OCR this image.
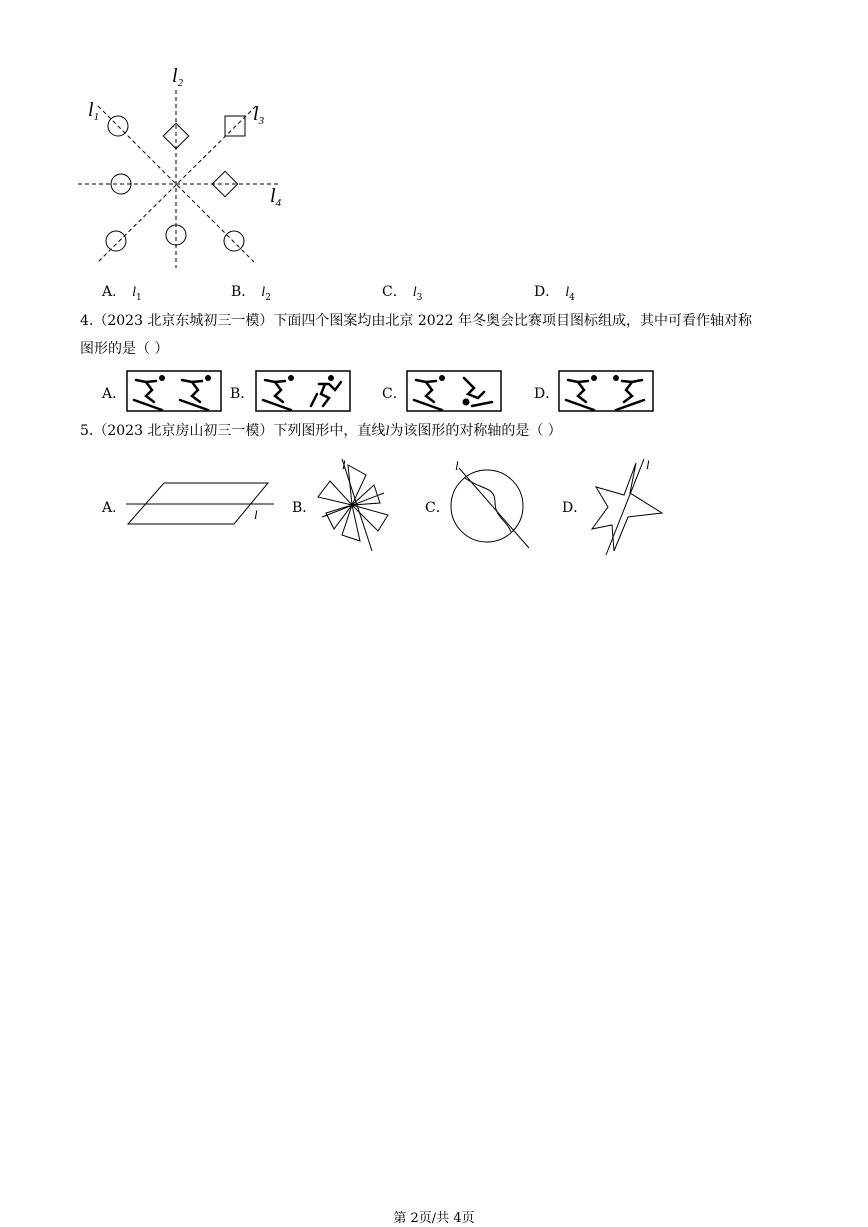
$l_2$
$l_1$	$l_3$
$l_4$
A． $l_1$	B． $l_2$	C． $l_3$	D． $l_4$
4.（2023 北京东城初三一模）下面四个图案均由北京 2022 年冬奥会比赛项目图标组成，其中可看作轴对称
图形的是（ ）
A．	B．	C．	D．
5.（2023 北京房山初三一模）下列图形中，直线l为该图形的对称轴的是（ ）
A．	B．	C．	D．
l
l	l	l
第 2页/共 4页
